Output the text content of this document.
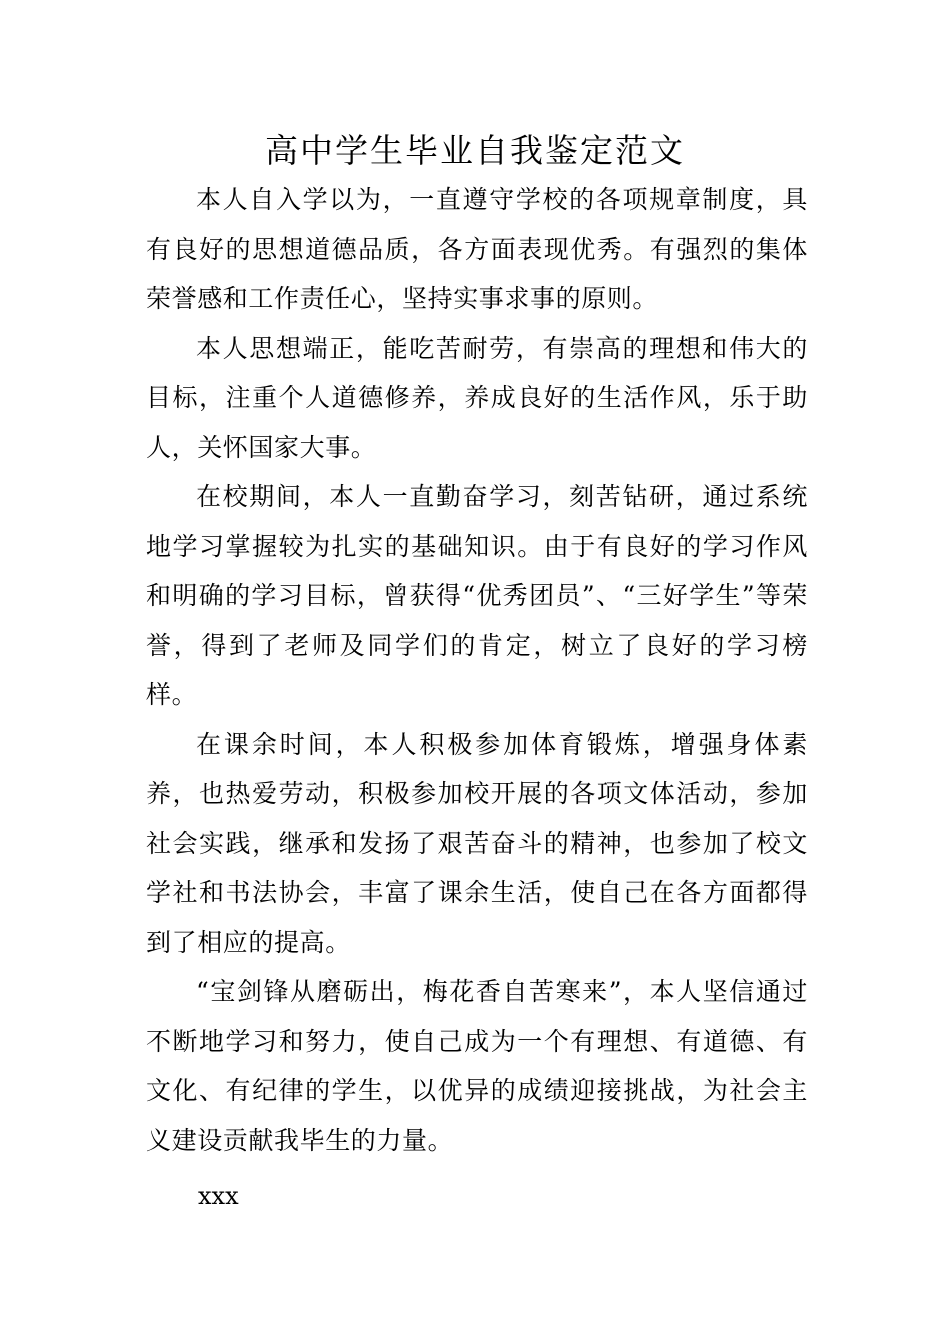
高中学生毕业自我鉴定范文

本人自入学以为，一直遵守学校的各项规章制度，具有良好的思想道德品质，各方面表现优秀。有强烈的集体荣誉感和工作责任心，坚持实事求事的原则。

本人思想端正，能吃苦耐劳，有崇高的理想和伟大的目标，注重个人道德修养，养成良好的生活作风，乐于助人，关怀国家大事。

在校期间，本人一直勤奋学习，刻苦钻研，通过系统地学习掌握较为扎实的基础知识。由于有良好的学习作风和明确的学习目标，曾获得“优秀团员”、“三好学生”等荣誉，得到了老师及同学们的肯定，树立了良好的学习榜样。

在课余时间，本人积极参加体育锻炼，增强身体素养，也热爱劳动，积极参加校开展的各项文体活动，参加社会实践，继承和发扬了艰苦奋斗的精神，也参加了校文学社和书法协会，丰富了课余生活，使自己在各方面都得到了相应的提高。

“宝剑锋从磨砺出，梅花香自苦寒来”，本人坚信通过不断地学习和努力，使自己成为一个有理想、有道德、有文化、有纪律的学生，以优异的成绩迎接挑战，为社会主义建设贡献我毕生的力量。

xxx
